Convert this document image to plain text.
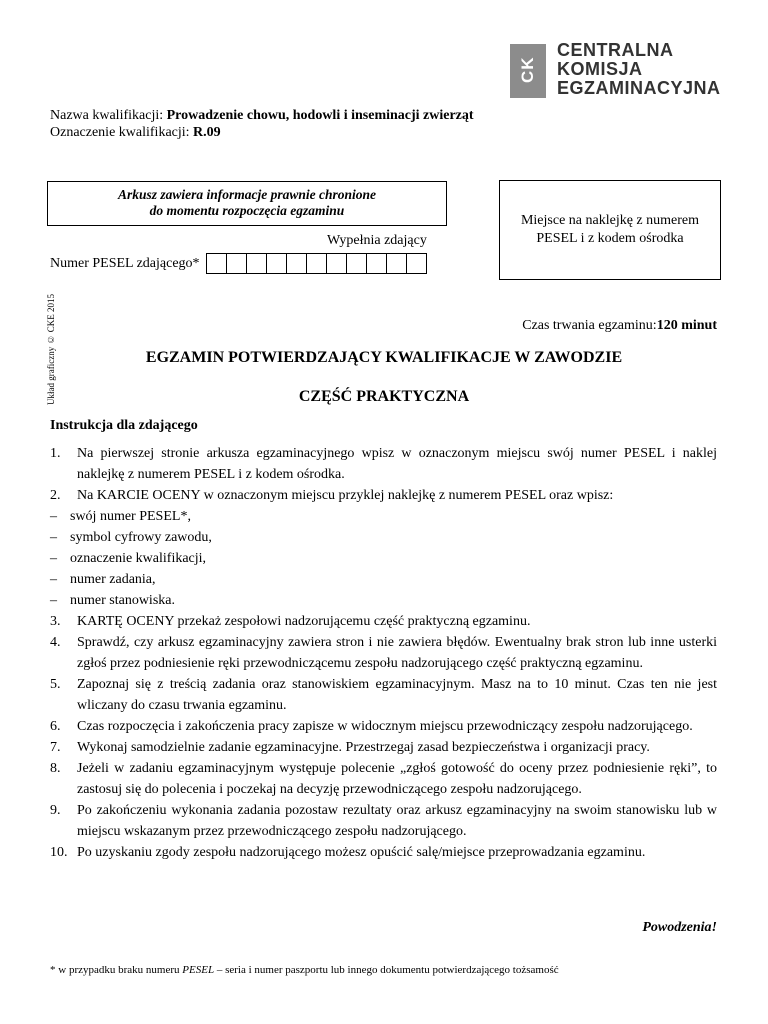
CK
CENTRALNA
KOMISJA
EGZAMINACYJNA
Nazwa kwalifikacji: Prowadzenie chowu, hodowli i inseminacji zwierząt
Oznaczenie kwalifikacji: R.09
Arkusz zawiera informacje prawnie chronione
do momentu rozpoczęcia egzaminu
Miejsce na naklejkę z numerem PESEL i z kodem ośrodka
Wypełnia zdający
Numer PESEL zdającego*
Układ graficzny © CKE 2015	Czas trwania egzaminu:120 minut
EGZAMIN POTWIERDZAJĄCY KWALIFIKACJE W ZAWODZIE
CZĘŚĆ PRAKTYCZNA
Instrukcja dla zdającego
1.	Na pierwszej stronie arkusza egzaminacyjnego wpisz w oznaczonym miejscu swój numer PESEL i naklej naklejkę z numerem PESEL i z kodem ośrodka.
2.	Na KARCIE OCENY w oznaczonym miejscu przyklej naklejkę z numerem PESEL oraz wpisz:
– swój numer PESEL*,
– symbol cyfrowy zawodu,
– oznaczenie kwalifikacji,
– numer zadania,
– numer stanowiska.
3.	KARTĘ OCENY przekaż zespołowi nadzorującemu część praktyczną egzaminu.
4.	Sprawdź, czy arkusz egzaminacyjny zawiera stron i nie zawiera błędów. Ewentualny brak stron lub inne usterki zgłoś przez podniesienie ręki przewodniczącemu zespołu nadzorującego część praktyczną egzaminu.
5.	Zapoznaj się z treścią zadania oraz stanowiskiem egzaminacyjnym. Masz na to 10 minut. Czas ten nie jest wliczany do czasu trwania egzaminu.
6.	Czas rozpoczęcia i zakończenia pracy zapisze w widocznym miejscu przewodniczący zespołu nadzorującego.
7.	Wykonaj samodzielnie zadanie egzaminacyjne. Przestrzegaj zasad bezpieczeństwa i organizacji pracy.
8.	Jeżeli w zadaniu egzaminacyjnym występuje polecenie „zgłoś gotowość do oceny przez podniesienie ręki”, to zastosuj się do polecenia i poczekaj na decyzję przewodniczącego zespołu nadzorującego.
9.	Po zakończeniu wykonania zadania pozostaw rezultaty oraz arkusz egzaminacyjny na swoim stanowisku lub w miejscu wskazanym przez przewodniczącego zespołu nadzorującego.
10. Po uzyskaniu zgody zespołu nadzorującego możesz opuścić salę/miejsce przeprowadzania egzaminu.
Powodzenia!
* w przypadku braku numeru PESEL – seria i numer paszportu lub innego dokumentu potwierdzającego tożsamość
